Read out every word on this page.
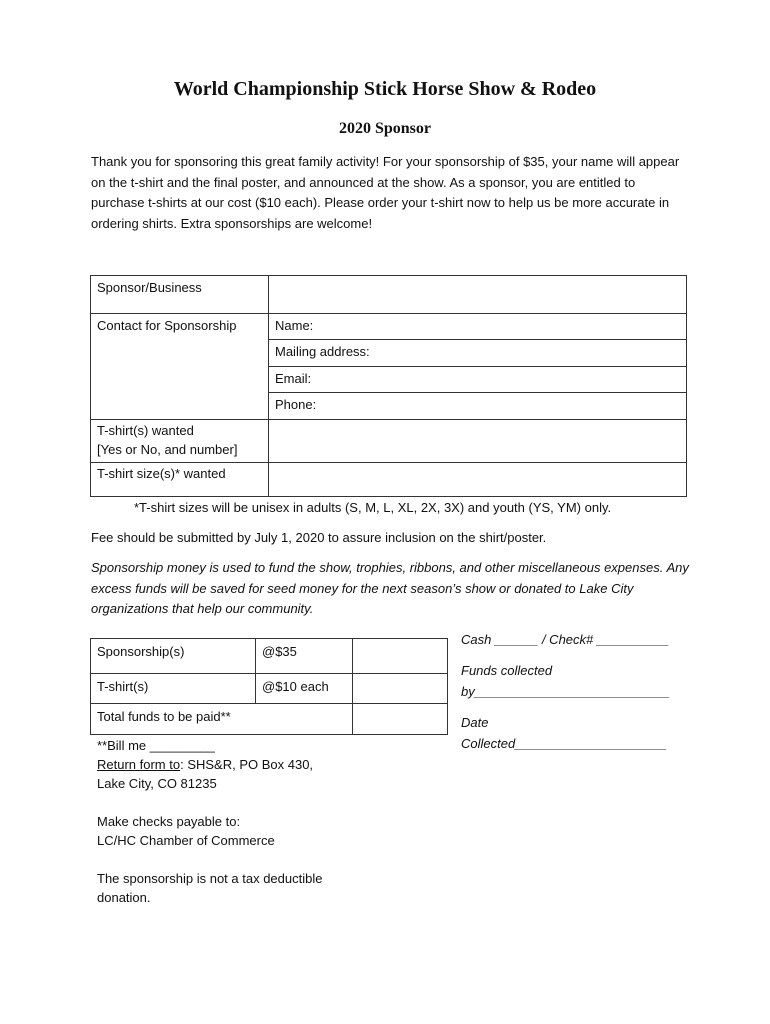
World Championship Stick Horse Show & Rodeo
2020 Sponsor
Thank you for sponsoring this great family activity! For your sponsorship of $35, your name will appear on the t-shirt and the final poster, and announced at the show. As a sponsor, you are entitled to purchase t-shirts at our cost ($10 each). Please order your t-shirt now to help us be more accurate in ordering shirts. Extra sponsorships are welcome!
Sponsor/Business	
Contact for Sponsorship	Name:
	Mailing address:
	Email:
	Phone:

T-shirt(s) wanted
[Yes or No, and number]	

T-shirt size(s)* wanted	
*T-shirt sizes will be unisex in adults (S, M, L, XL, 2X, 3X) and youth (YS, YM) only.
Fee should be submitted by July 1, 2020 to assure inclusion on the shirt/poster.
Sponsorship money is used to fund the show, trophies, ribbons, and other miscellaneous expenses. Any excess funds will be saved for seed money for the next season’s show or donated to Lake City organizations that help our community.
Sponsorship(s)	@$35	
T-shirt(s)	@$10 each	
Total funds to be paid**		
Cash ______ / Check# __________
Funds collected
by___________________________
Date
Collected_____________________
**Bill me _________
Return form to: SHS&R, PO Box 430,
Lake City, CO 81235
Make checks payable to:
LC/HC Chamber of Commerce
The sponsorship is not a tax deductible
donation.
